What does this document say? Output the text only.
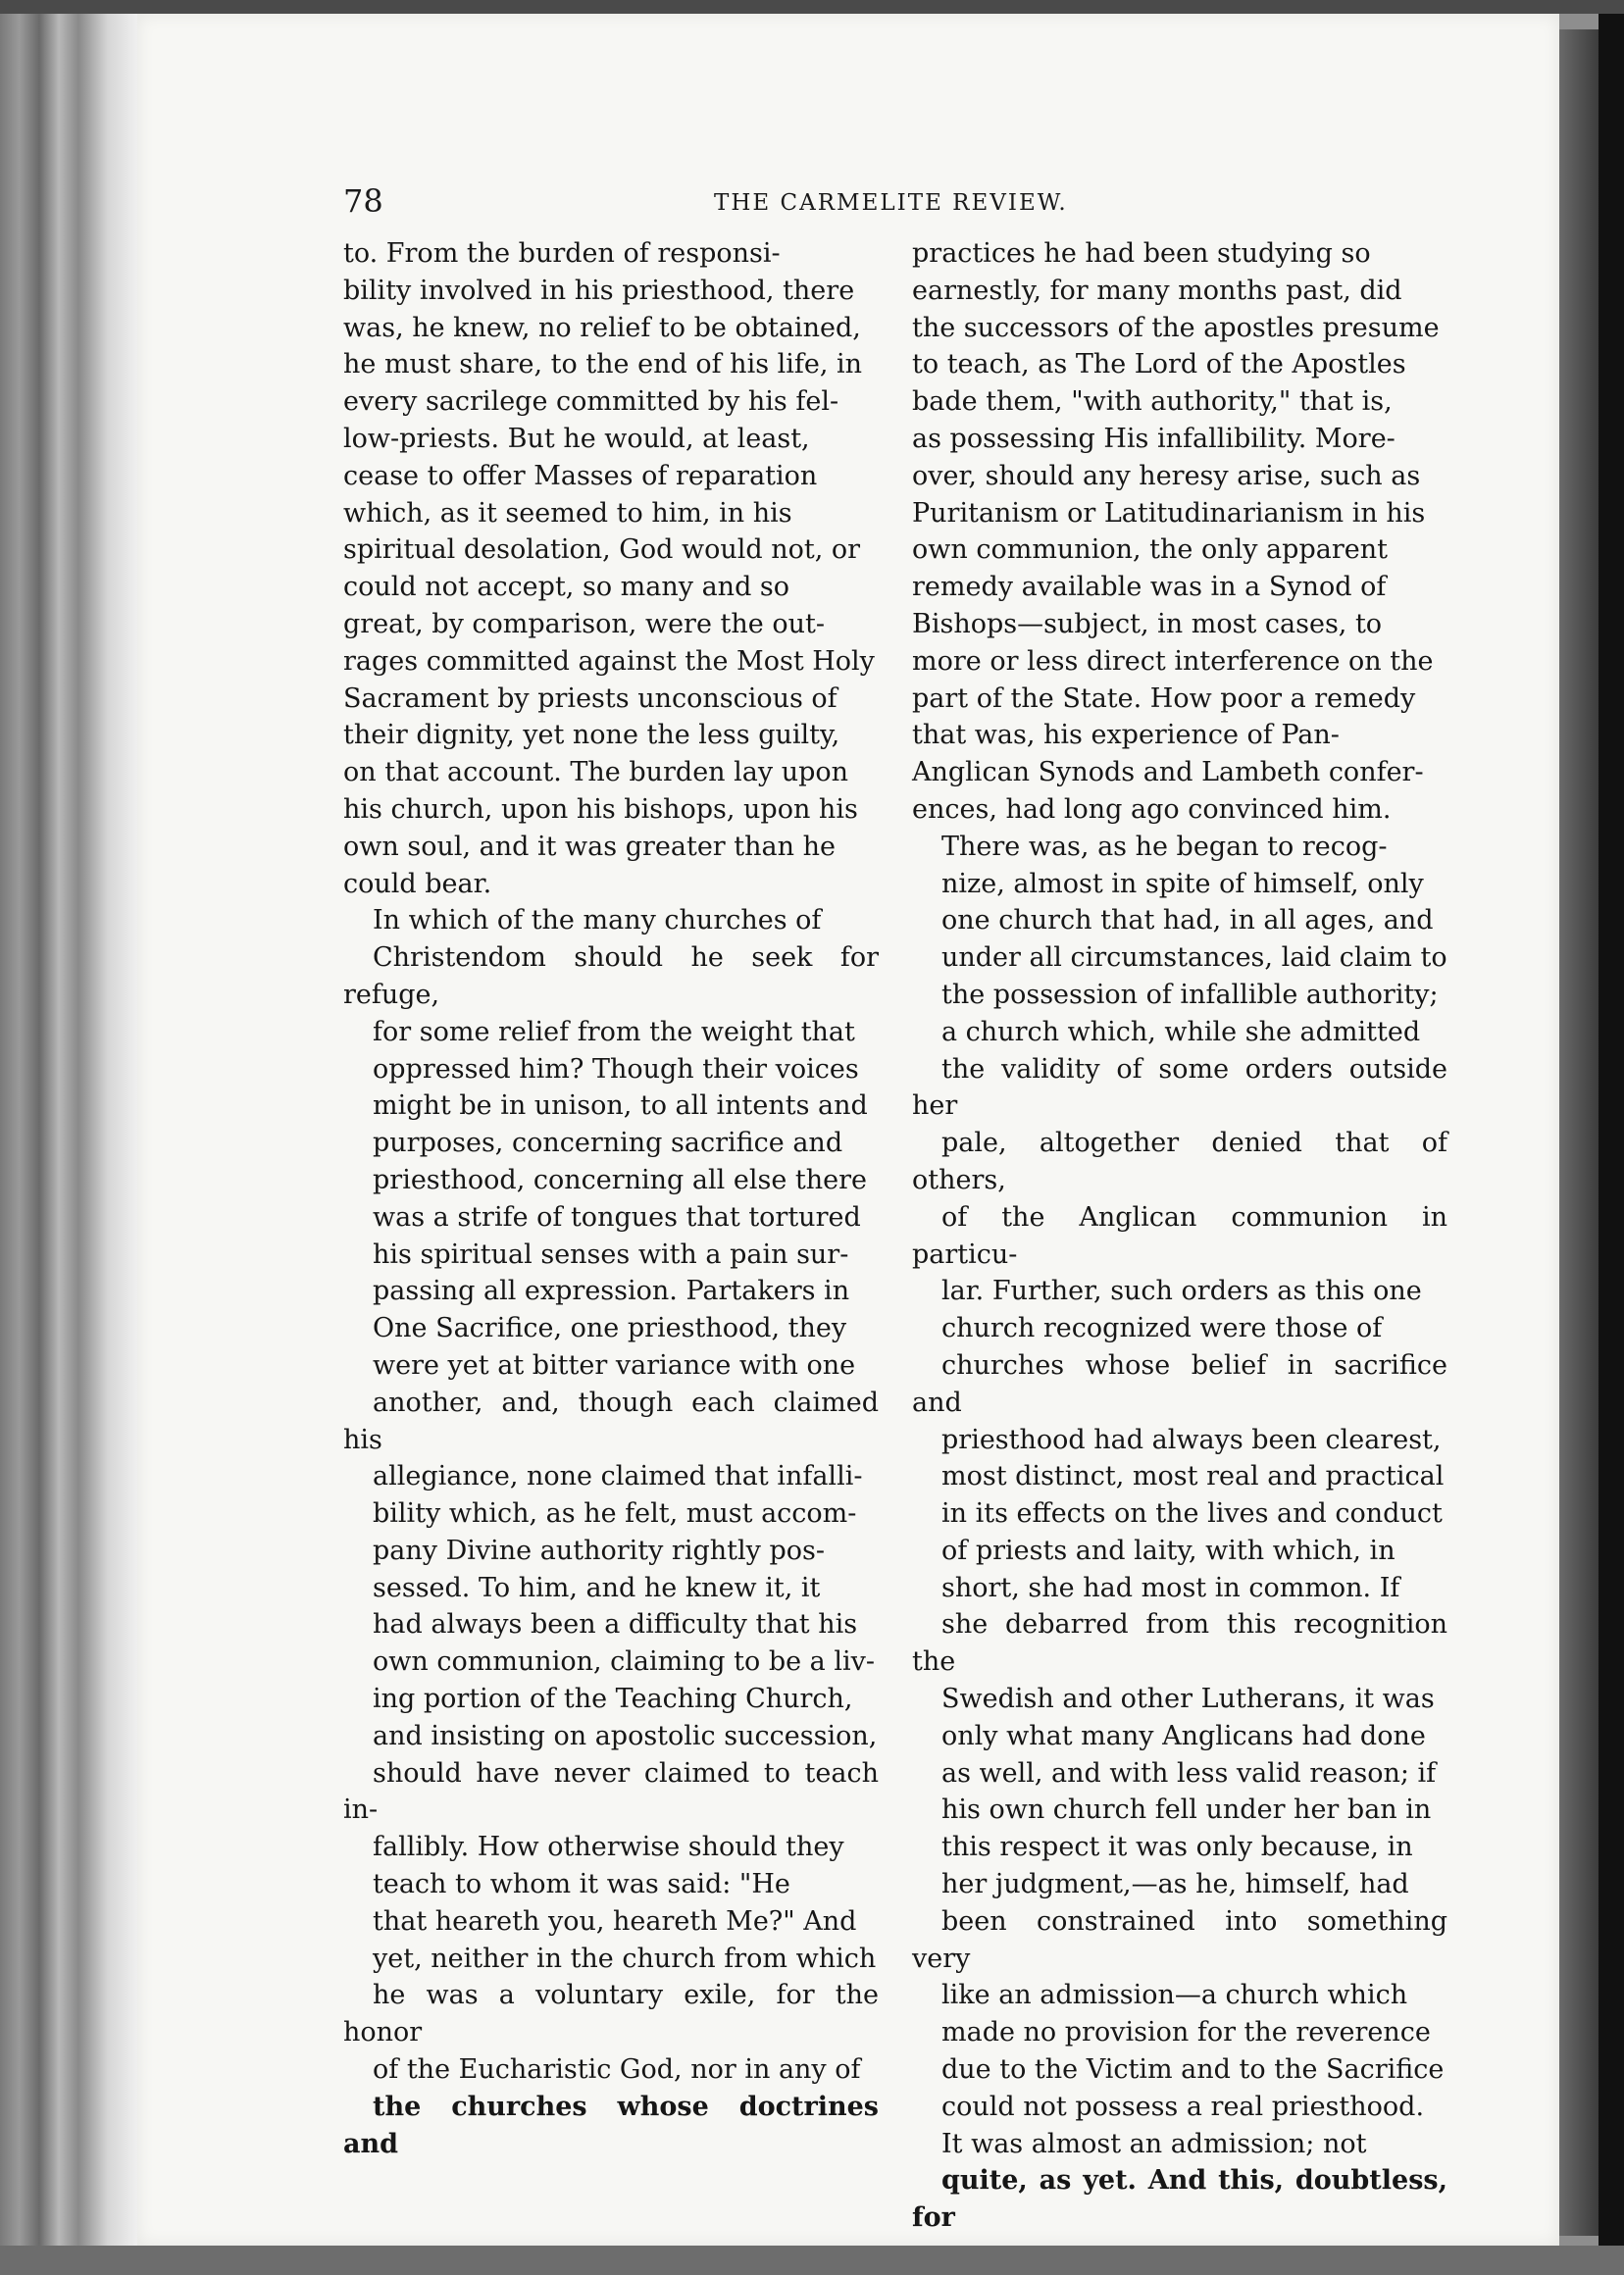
78	THE CARMELITE REVIEW.

to. From the burden of responsi-
bility involved in his priesthood, there
was, he knew, no relief to be obtained,
he must share, to the end of his life, in
every sacrilege committed by his fel-
low-priests. But he would, at least,
cease to offer Masses of reparation
which, as it seemed to him, in his
spiritual desolation, God would not, or
could not accept, so many and so
great, by comparison, were the out-
rages committed against the Most Holy
Sacrament by priests unconscious of
their dignity, yet none the less guilty,
on that account. The burden lay upon
his church, upon his bishops, upon his
own soul, and it was greater than he
could bear.

In which of the many churches of
Christendom should he seek for refuge,
for some relief from the weight that
oppressed him? Though their voices
might be in unison, to all intents and
purposes, concerning sacrifice and
priesthood, concerning all else there
was a strife of tongues that tortured
his spiritual senses with a pain sur-
passing all expression. Partakers in
One Sacrifice, one priesthood, they
were yet at bitter variance with one
another, and, though each claimed his
allegiance, none claimed that infalli-
bility which, as he felt, must accom-
pany Divine authority rightly pos-
sessed. To him, and he knew it, it
had always been a difficulty that his
own communion, claiming to be a liv-
ing portion of the Teaching Church,
and insisting on apostolic succession,
should have never claimed to teach in-
fallibly. How otherwise should they
teach to whom it was said: "He
that heareth you, heareth Me?" And
yet, neither in the church from which
he was a voluntary exile, for the honor
of the Eucharistic God, nor in any of
the churches whose doctrines and

practices he had been studying so
earnestly, for many months past, did
the successors of the apostles presume
to teach, as The Lord of the Apostles
bade them, "with authority," that is,
as possessing His infallibility. More-
over, should any heresy arise, such as
Puritanism or Latitudinarianism in his
own communion, the only apparent
remedy available was in a Synod of
Bishops—subject, in most cases, to
more or less direct interference on the
part of the State. How poor a remedy
that was, his experience of Pan-
Anglican Synods and Lambeth confer-
ences, had long ago convinced him.

There was, as he began to recog-
nize, almost in spite of himself, only
one church that had, in all ages, and
under all circumstances, laid claim to
the possession of infallible authority;
a church which, while she admitted
the validity of some orders outside her
pale, altogether denied that of others,
of the Anglican communion in particu-
lar. Further, such orders as this one
church recognized were those of
churches whose belief in sacrifice and
priesthood had always been clearest,
most distinct, most real and practical
in its effects on the lives and conduct
of priests and laity, with which, in
short, she had most in common. If
she debarred from this recognition the
Swedish and other Lutherans, it was
only what many Anglicans had done
as well, and with less valid reason; if
his own church fell under her ban in
this respect it was only because, in
her judgment,—as he, himself, had
been constrained into something very
like an admission—a church which
made no provision for the reverence
due to the Victim and to the Sacrifice
could not possess a real priesthood.

It was almost an admission; not
quite, as yet. And this, doubtless, for
